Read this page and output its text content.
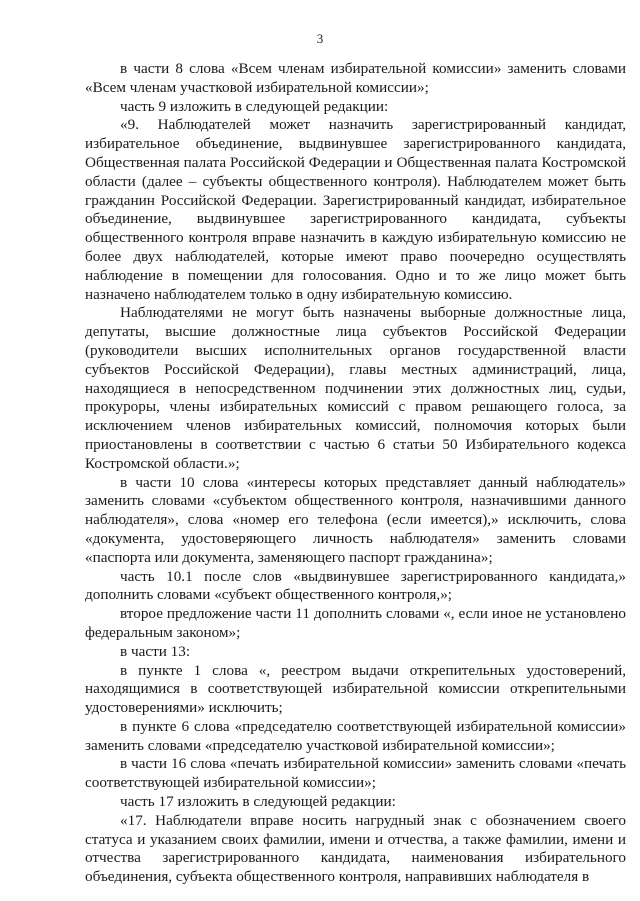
3

в части 8 слова «Всем членам избирательной комиссии» заменить словами «Всем членам участковой избирательной комиссии»;

часть 9 изложить в следующей редакции:

«9. Наблюдателей может назначить зарегистрированный кандидат, избирательное объединение, выдвинувшее зарегистрированного кандидата, Общественная палата Российской Федерации и Общественная палата Костромской области (далее – субъекты общественного контроля). Наблюдателем может быть гражданин Российской Федерации. Зарегистрированный кандидат, избирательное объединение, выдвинувшее зарегистрированного кандидата, субъекты общественного контроля вправе назначить в каждую избирательную комиссию не более двух наблюдателей, которые имеют право поочередно осуществлять наблюдение в помещении для голосования. Одно и то же лицо может быть назначено наблюдателем только в одну избирательную комиссию.

Наблюдателями не могут быть назначены выборные должностные лица, депутаты, высшие должностные лица субъектов Российской Федерации (руководители высших исполнительных органов государственной власти субъектов Российской Федерации), главы местных администраций, лица, находящиеся в непосредственном подчинении этих должностных лиц, судьи, прокуроры, члены избирательных комиссий с правом решающего голоса, за исключением членов избирательных комиссий, полномочия которых были приостановлены в соответствии с частью 6 статьи 50 Избирательного кодекса Костромской области.»;

в части 10 слова «интересы которых представляет данный наблюдатель» заменить словами «субъектом общественного контроля, назначившими данного наблюдателя», слова «номер его телефона (если имеется),» исключить, слова «документа, удостоверяющего личность наблюдателя» заменить словами «паспорта или документа, заменяющего паспорт гражданина»;

часть 10.1 после слов «выдвинувшее зарегистрированного кандидата,» дополнить словами «субъект общественного контроля,»;

второе предложение части 11 дополнить словами «, если иное не установлено федеральным законом»;

в части 13:

в пункте 1 слова «, реестром выдачи открепительных удостоверений, находящимися в соответствующей избирательной комиссии открепительными удостоверениями» исключить;

в пункте 6 слова «председателю соответствующей избирательной комиссии» заменить словами «председателю участковой избирательной комиссии»;

в части 16 слова «печать избирательной комиссии» заменить словами «печать соответствующей избирательной комиссии»;

часть 17 изложить в следующей редакции:

«17. Наблюдатели вправе носить нагрудный знак с обозначением своего статуса и указанием своих фамилии, имени и отчества, а также фамилии, имени и отчества зарегистрированного кандидата, наименования избирательного объединения, субъекта общественного контроля, направивших наблюдателя в
